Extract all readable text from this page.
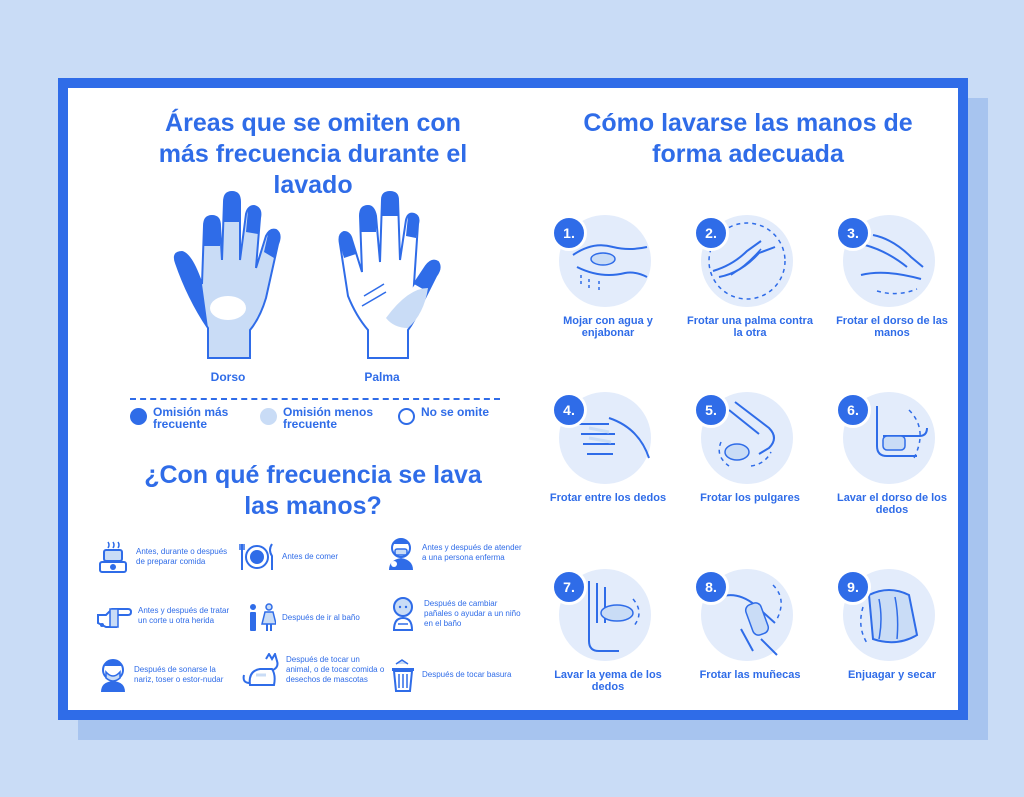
Áreas que se omiten con más frecuencia durante el lavado
Dorso	Palma
Omisión más frecuente
Omisión menos frecuente
No se omite
¿Con qué frecuencia se lava las manos?
Antes, durante o después de preparar comida
Antes de comer
Antes y después de atender a una persona enferma
Antes y después de tratar un corte u otra herida	Después de ir al baño
Después de cambiar pañales o ayudar a un niño en el baño
Después de sonarse la nariz, toser o estor-nudar
Después de tocar un animal, o de tocar comida o desechos de mascotas
Después de tocar basura
Cómo lavarse las manos de forma adecuada
1.
Mojar con agua y enjabonar
2.
Frotar una palma contra la otra
3.
Frotar el dorso de las manos
4.
Frotar entre los dedos
5.
Frotar los pulgares
6.
Lavar el dorso de los dedos
7.
Lavar la yema de los dedos
8.
Frotar las muñecas
9.
Enjuagar y secar
